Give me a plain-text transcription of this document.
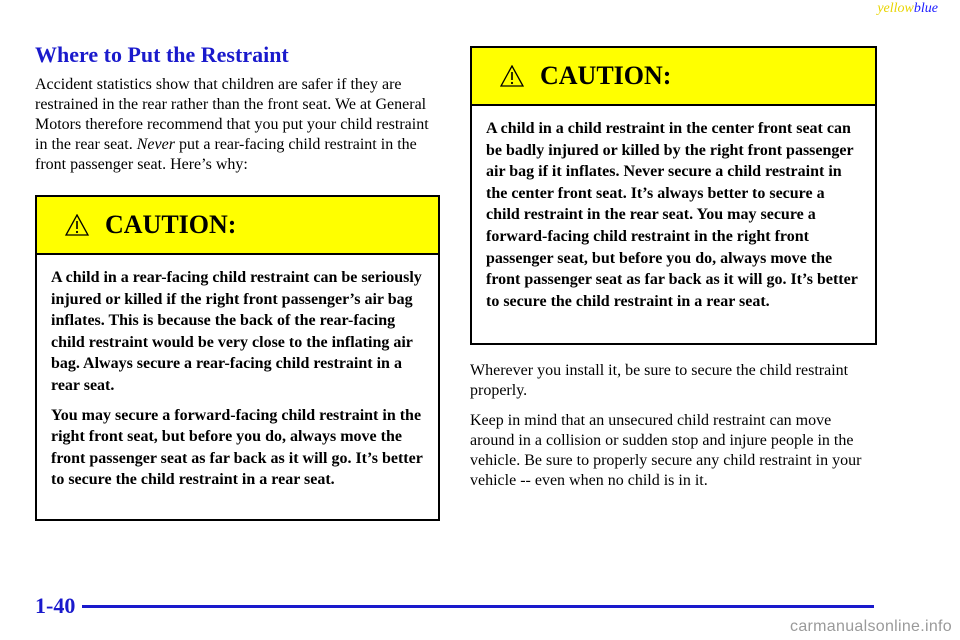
yellowblue
Where to Put the Restraint

Accident statistics show that children are safer if they are restrained in the rear rather than the front seat. We at General Motors therefore recommend that you put your child restraint in the rear seat. Never put a rear-facing child restraint in the front passenger seat. Here’s why:

CAUTION:

A child in a rear-facing child restraint can be seriously injured or killed if the right front passenger’s air bag inflates. This is because the back of the rear-facing child restraint would be very close to the inflating air bag. Always secure a rear-facing child restraint in a rear seat.

You may secure a forward-facing child restraint in the right front seat, but before you do, always move the front passenger seat as far back as it will go. It’s better to secure the child restraint in a rear seat.

CAUTION:

A child in a child restraint in the center front seat can be badly injured or killed by the right front passenger air bag if it inflates. Never secure a child restraint in the center front seat. It’s always better to secure a child restraint in the rear seat. You may secure a forward-facing child restraint in the right front passenger seat, but before you do, always move the front passenger seat as far back as it will go. It’s better to secure the child restraint in a rear seat.

Wherever you install it, be sure to secure the child restraint properly.

Keep in mind that an unsecured child restraint can move around in a collision or sudden stop and injure people in the vehicle. Be sure to properly secure any child restraint in your vehicle -- even when no child is in it.

1-40
carmanualsonline.info
